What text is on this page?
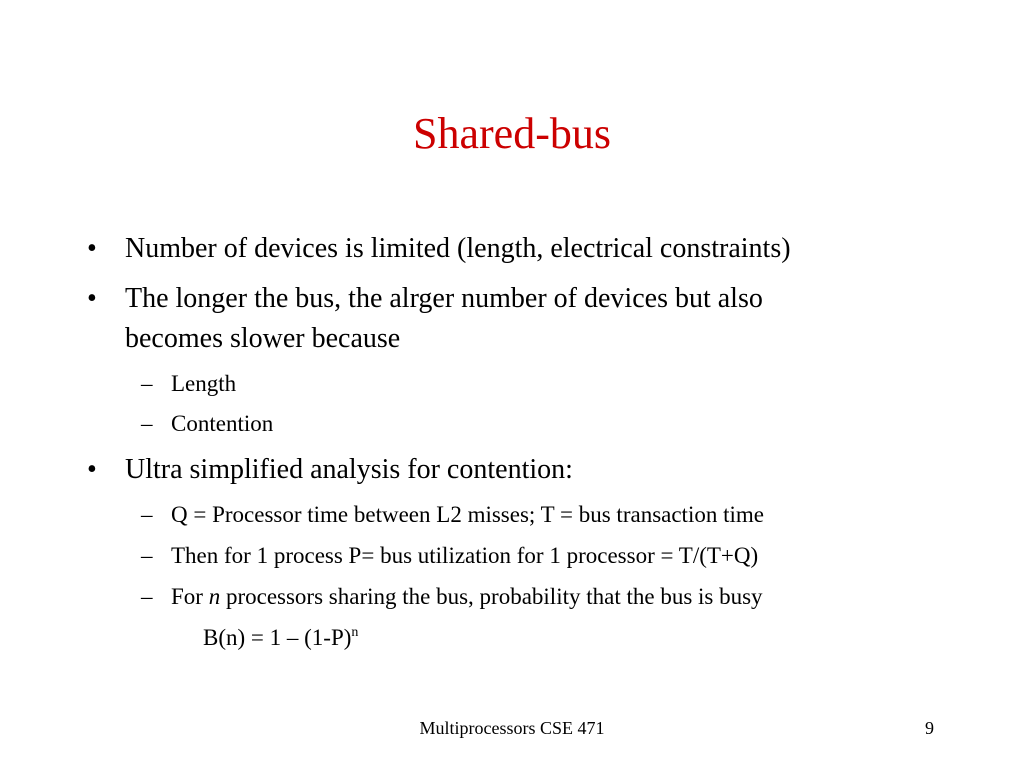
Shared-bus
• Number of devices is limited (length, electrical constraints)
• The longer the bus, the alrger number of devices but also
becomes slower because
– Length
– Contention
• Ultra simplified analysis for contention:
– Q = Processor time between L2 misses; T = bus transaction time
– Then for 1 process P= bus utilization for 1 processor = T/(T+Q)
– For n processors sharing the bus, probability that the bus is busy
$B(n) = 1 - (1-P)^n$
Multiprocessors CSE 471	9
